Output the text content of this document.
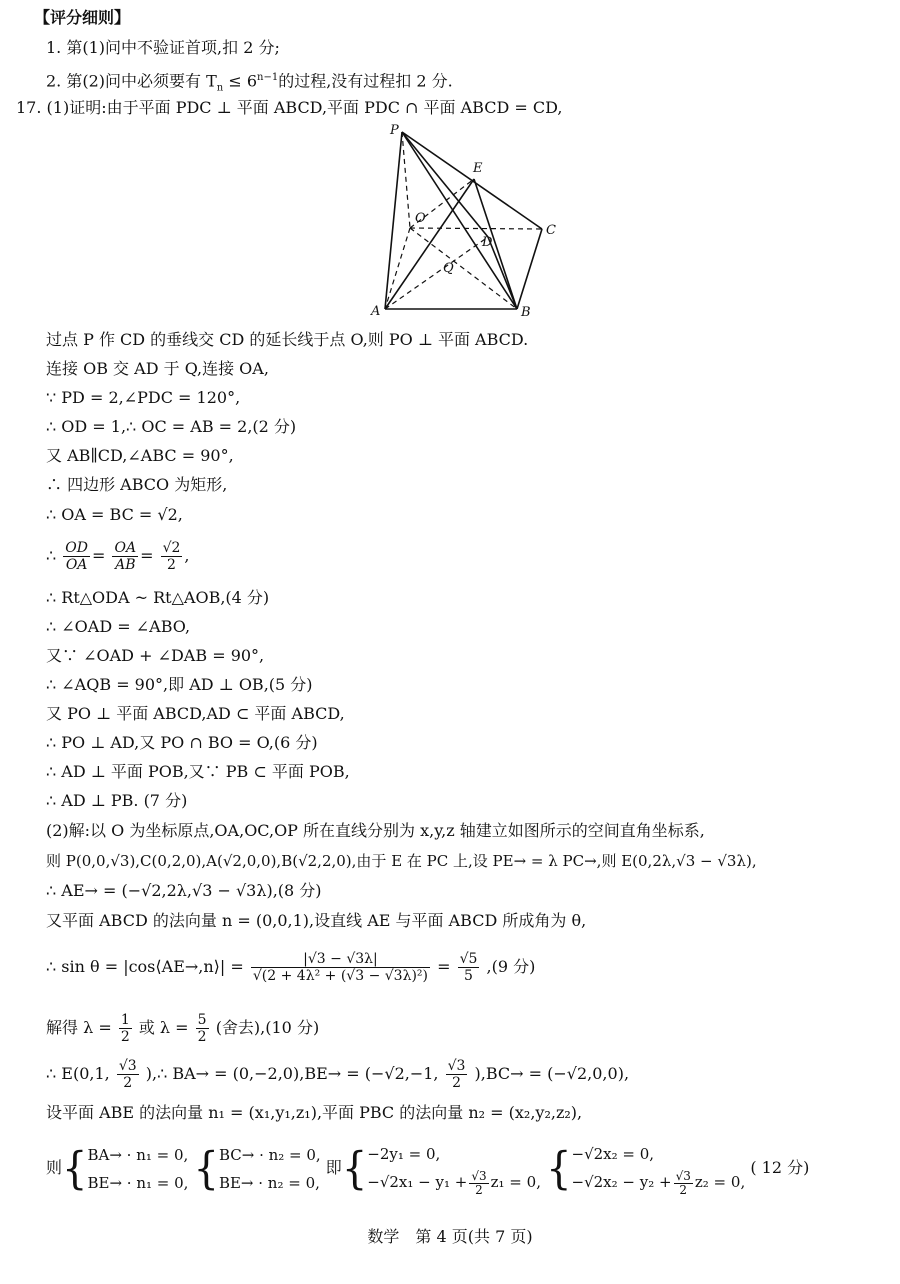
【评分细则】
1. 第(1)问中不验证首项,扣 2 分;
2. 第(2)问中必须要有 $T_n \le 6^{n-1}$的过程,没有过程扣 2 分.
17. (1)证明:由于平面 PDC ⊥ 平面 ABCD,平面 PDC ∩ 平面 ABCD = CD,
P
E
O
D
C
Q
A	B
过点 P 作 CD 的垂线交 CD 的延长线于点 O,则 PO ⊥ 平面 ABCD.
连接 OB 交 AD 于 Q,连接 OA,
∵ PD = 2,∠PDC = 120°,
∴ OD = 1,∴ OC = AB = 2,(2 分)
又 AB∥CD,∠ABC = 90°,
∴ 四边形 ABCO 为矩形,
∴ OA = BC = √2,
∴ $\frac{OD}{OA} = \frac{OA}{AB} = \frac{√2}{2}$ ,
∴ Rt△ODA ~ Rt△AOB,(4 分)
∴ ∠OAD = ∠ABO,
又∵ ∠OAD + ∠DAB = 90°,
∴ ∠AQB = 90°,即 AD ⊥ OB,(5 分)
又 PO ⊥ 平面 ABCD,AD ⊂ 平面 ABCD,
∴ PO ⊥ AD,又 PO ∩ BO = O,(6 分)
∴ AD ⊥ 平面 POB,又∵ PB ⊂ 平面 POB,
∴ AD ⊥ PB. (7 分)
(2)解:以 O 为坐标原点,OA,OC,OP 所在直线分别为 x,y,z 轴建立如图所示的空间直角坐标系,
则 P(0,0,√3),C(0,2,0),A(√2,0,0),B(√2,2,0),由于 E 在 PC 上,设 PE→ = λ PC→,则 E(0,2λ,√3 − √3λ),
∴ AE→ = (−√2,2λ,√3 − √3λ),(8 分)
又平面 ABCD 的法向量 n = (0,0,1),设直线 AE 与平面 ABCD 所成角为 θ,
∴ sin θ = |cos⟨AE→,n⟩| = $\frac{|√3 - √3\lambda|}{\text{√(2 + 4λ² + (√3 − √3λ)²)}} = \frac{√5}{5} ,(9$ 分)
解得 $\lambda = \frac{1}{2}$ 或 $\lambda = \frac{5}{2}$ (舍去),(10 分)
∴ E(0,1, $\frac{√3}{2}$ ),∴ BA→ = (0,−2,0),BE→ = (−√2,−1, $\frac{√3}{2} ),BC\to = (-√2,0,0)$,
设平面 ABE 的法向量 n₁ = (x₁,y₁,z₁),平面 PBC 的法向量 n₂ = (x₂,y₂,z₂),
则{BA→ · n₁ = 0,
BE→ · n₁ = 0, {BC→ · n₂ = 0,
BE→ · n₂ = 0, 即{−2y₁ = 0,
$-√2x_1 - y_1 + \frac{√3}{2} z_1 = 0$, {−√2x₂ = 0,
$-√2x_2 - y_2 + \frac{√3}{2} z_2 = 0$, ( 12 分)
数学　第 4 页(共 7 页)
